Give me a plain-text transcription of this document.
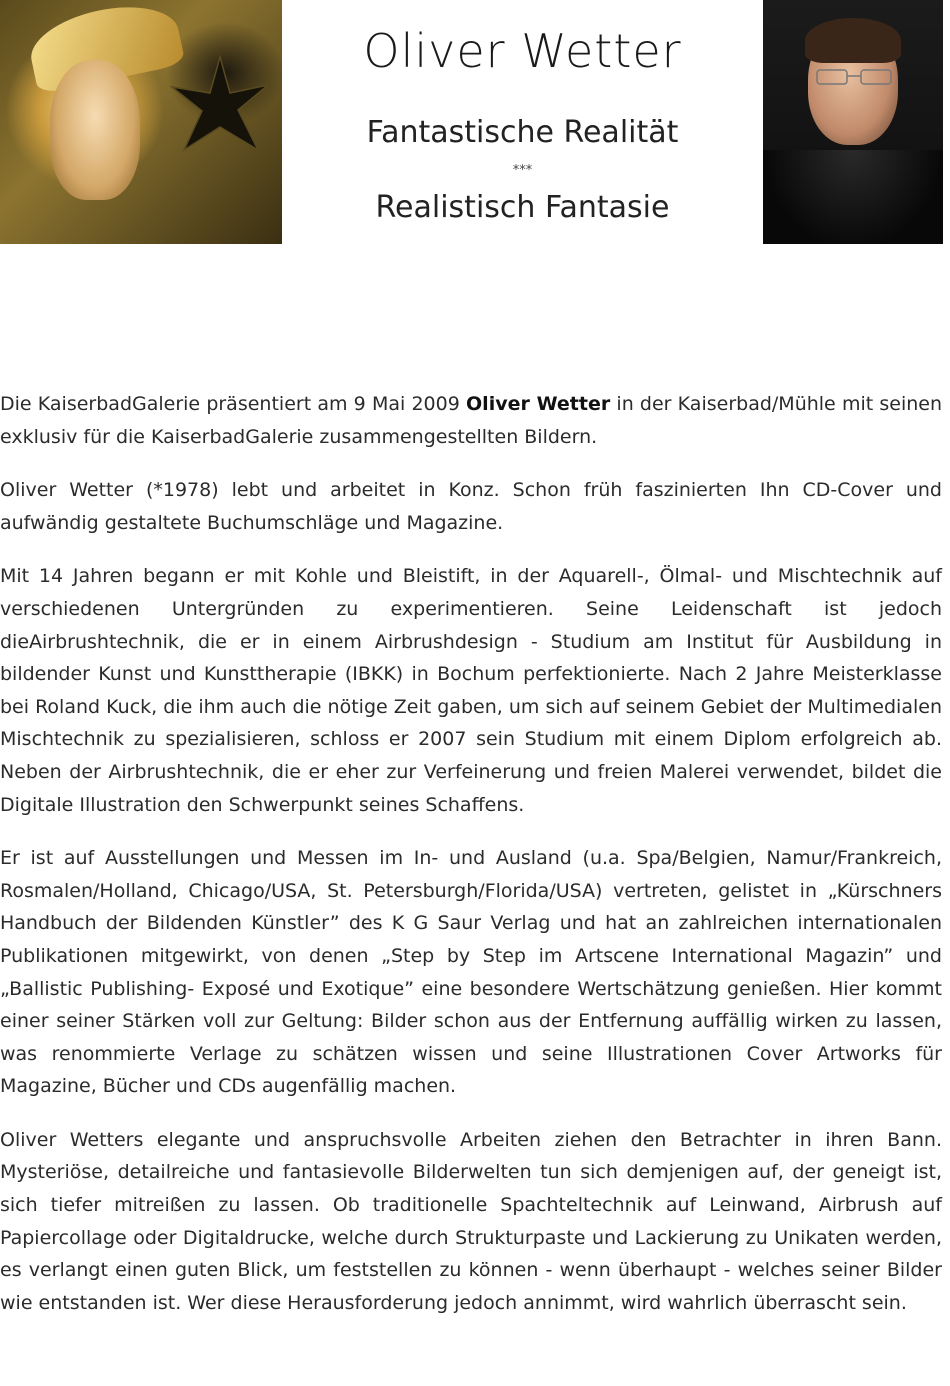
Oliver Wetter
Fantastische Realität
***
Realistisch Fantasie

Die KaiserbadGalerie präsentiert am 9 Mai 2009 Oliver Wetter in der Kaiserbad/Mühle mit seinen exklusiv für die KaiserbadGalerie zusammengestellten Bildern.

Oliver Wetter (*1978) lebt und arbeitet in Konz. Schon früh faszinierten Ihn CD-Cover und aufwändig gestaltete Buchumschläge und Magazine.

Mit 14 Jahren begann er mit Kohle und Bleistift, in der Aquarell-, Ölmal- und Mischtechnik auf verschiedenen Untergründen zu experimentieren. Seine Leidenschaft ist jedoch dieAirbrushtechnik, die er in einem Airbrushdesign - Studium am Institut für Ausbildung in bildender Kunst und Kunsttherapie (IBKK) in Bochum perfektionierte. Nach 2 Jahre Meisterklasse bei Roland Kuck, die ihm auch die nötige Zeit gaben, um sich auf seinem Gebiet der Multimedialen Mischtechnik zu spezialisieren, schloss er 2007 sein Studium mit einem Diplom erfolgreich ab. Neben der Airbrushtechnik, die er eher zur Verfeinerung und freien Malerei verwendet, bildet die Digitale Illustration den Schwerpunkt seines Schaffens.

Er ist auf Ausstellungen und Messen im In- und Ausland (u.a. Spa/Belgien, Namur/Frankreich, Rosmalen/Holland, Chicago/USA, St. Petersburgh/Florida/USA) vertreten, gelistet in „Kürschners Handbuch der Bildenden Künstler” des K G Saur Verlag und hat an zahlreichen internationalen Publikationen mitgewirkt, von denen „Step by Step im Artscene International Magazin” und „Ballistic Publishing- Exposé und Exotique” eine besondere Wertschätzung genießen. Hier kommt einer seiner Stärken voll zur Geltung: Bilder schon aus der Entfernung auffällig wirken zu lassen, was renommierte Verlage zu schätzen wissen und seine Illustrationen Cover Artworks für Magazine, Bücher und CDs augenfällig machen.

Oliver Wetters elegante und anspruchsvolle Arbeiten ziehen den Betrachter in ihren Bann. Mysteriöse, detailreiche und fantasievolle Bilderwelten tun sich demjenigen auf, der geneigt ist, sich tiefer mitreißen zu lassen. Ob traditionelle Spachteltechnik auf Leinwand, Airbrush auf Papiercollage oder Digitaldrucke, welche durch Strukturpaste und Lackierung zu Unikaten werden, es verlangt einen guten Blick, um feststellen zu können - wenn überhaupt - welches seiner Bilder wie entstanden ist. Wer diese Herausforderung jedoch annimmt, wird wahrlich überrascht sein.
